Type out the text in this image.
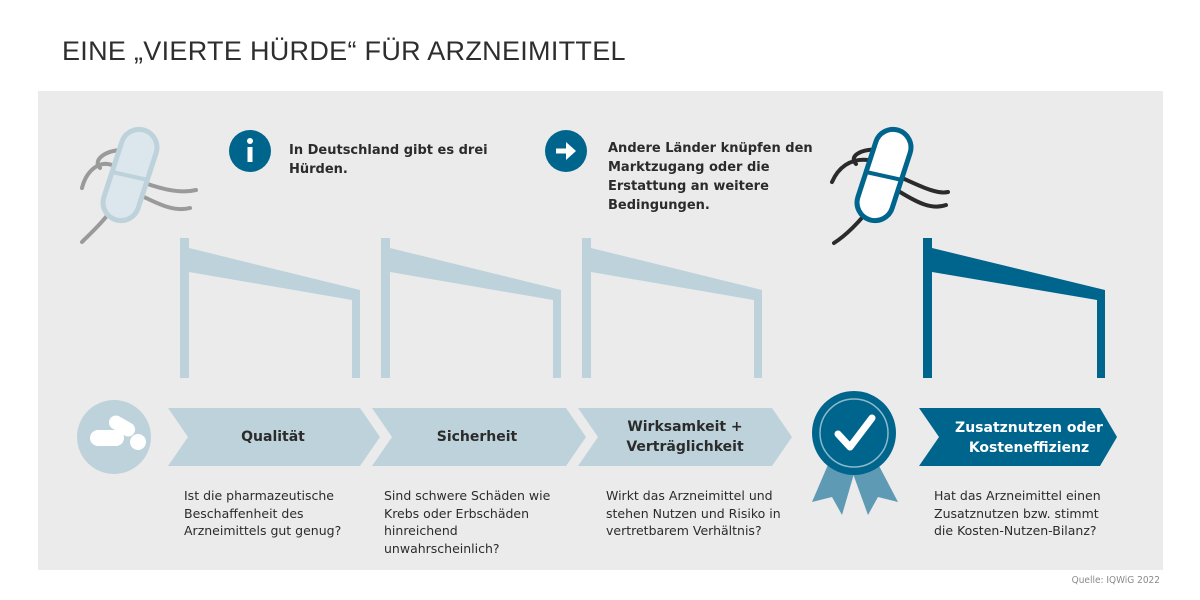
EINE „VIERTE HÜRDE“ FÜR ARZNEIMITTEL
In Deutschland gibt es drei Hürden.
Andere Länder knüpfen den Marktzugang oder die Erstattung an weitere Bedingungen.
Qualität	Sicherheit
Wirksamkeit + Verträglichkeit
Zusatznutzen oder Kosteneffizienz
Ist die pharmazeutische Beschaffenheit des Arzneimittels gut genug?
Sind schwere Schäden wie Krebs oder Erbschäden hinreichend unwahrscheinlich?
Wirkt das Arzneimittel und stehen Nutzen und Risiko in vertretbarem Verhältnis?
Hat das Arzneimittel einen Zusatznutzen bzw. stimmt die Kosten-Nutzen-Bilanz?
Quelle: IQWiG 2022
